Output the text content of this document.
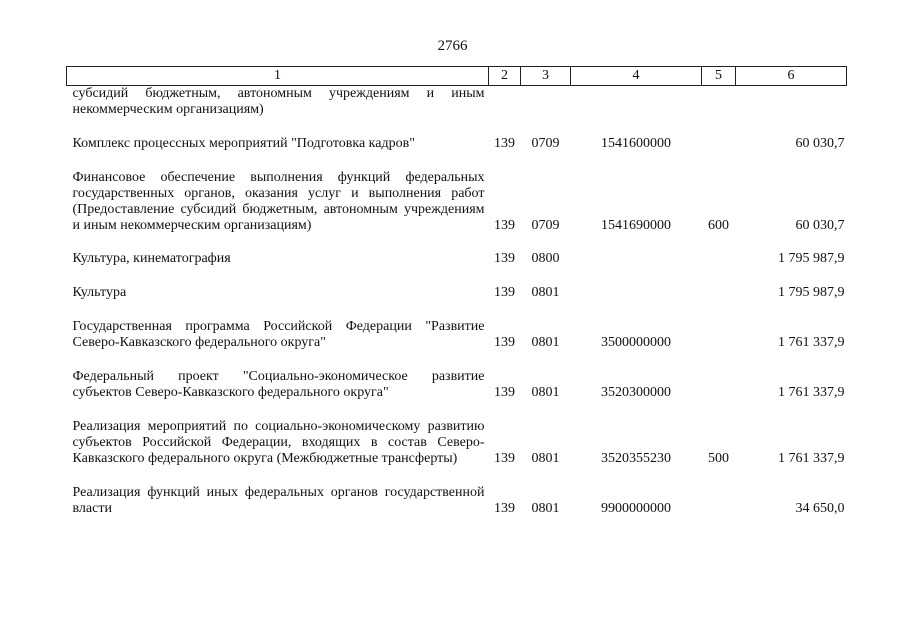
2766
1	2	3	4	5	6
субсидий бюджетным, автономным учреждениям и иным некоммерческим организациям)					

Комплекс процессных мероприятий "Подготовка кадров"	139	0709	1541600000		60 030,7

Финансовое обеспечение выполнения функций федеральных государственных органов, оказания услуг и выполнения работ (Предоставление субсидий бюджетным, автономным учреждениям и иным некоммерческим организациям)	139	0709	1541690000	600	60 030,7

Культура, кинематография	139	0800			1 795 987,9

Культура	139	0801			1 795 987,9

Государственная программа Российской Федерации "Развитие Северо-Кавказского федерального округа"	139	0801	3500000000		1 761 337,9

Федеральный проект "Социально-экономическое развитие субъектов Северо-Кавказского федерального округа"	139	0801	3520300000		1 761 337,9

Реализация мероприятий по социально-экономическому развитию субъектов Российской Федерации, входящих в состав Северо-Кавказского федерального округа (Межбюджетные трансферты)	139	0801	3520355230	500	1 761 337,9

Реализация функций иных федеральных органов государственной власти	139	0801	9900000000		34 650,0
